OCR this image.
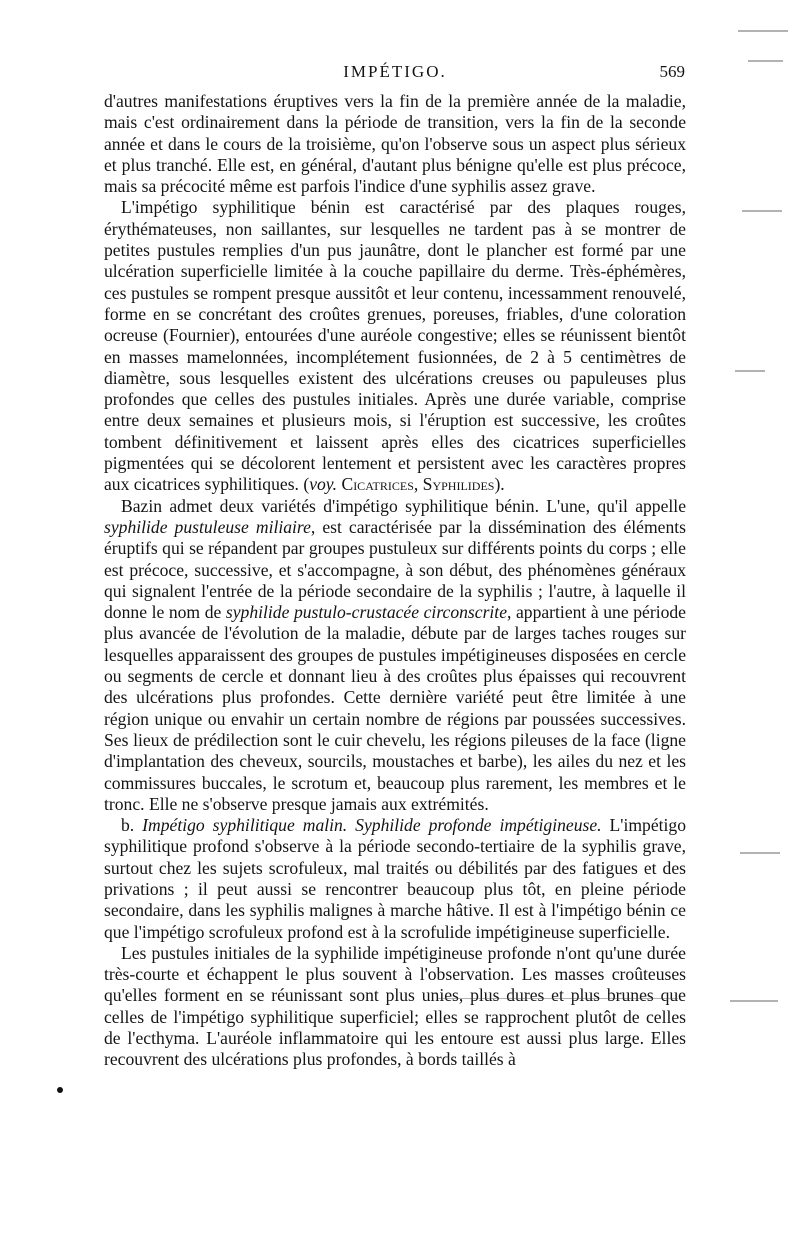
IMPÉTIGO.	569

d'autres manifestations éruptives vers la fin de la première année de la maladie, mais c'est ordinairement dans la période de transition, vers la fin de la seconde année et dans le cours de la troisième, qu'on l'observe sous un aspect plus sérieux et plus tranché. Elle est, en général, d'autant plus bénigne qu'elle est plus précoce, mais sa précocité même est parfois l'indice d'une syphilis assez grave.

L'impétigo syphilitique bénin est caractérisé par des plaques rouges, érythémateuses, non saillantes, sur lesquelles ne tardent pas à se montrer de petites pustules remplies d'un pus jaunâtre, dont le plancher est formé par une ulcération superficielle limitée à la couche papillaire du derme. Très-éphémères, ces pustules se rompent presque aussitôt et leur contenu, incessamment renouvelé, forme en se concrétant des croûtes grenues, poreuses, friables, d'une coloration ocreuse (Fournier), entourées d'une auréole congestive; elles se réunissent bientôt en masses mamelonnées, incomplétement fusionnées, de 2 à 5 centimètres de diamètre, sous lesquelles existent des ulcérations creuses ou papuleuses plus profondes que celles des pustules initiales. Après une durée variable, comprise entre deux semaines et plusieurs mois, si l'éruption est successive, les croûtes tombent définitivement et laissent après elles des cicatrices superficielles pigmentées qui se décolorent lentement et persistent avec les caractères propres aux cicatrices syphilitiques. (voy. Cicatrices, Syphilides).

Bazin admet deux variétés d'impétigo syphilitique bénin. L'une, qu'il appelle syphilide pustuleuse miliaire, est caractérisée par la dissémination des éléments éruptifs qui se répandent par groupes pustuleux sur différents points du corps ; elle est précoce, successive, et s'accompagne, à son début, des phénomènes généraux qui signalent l'entrée de la période secondaire de la syphilis ; l'autre, à laquelle il donne le nom de syphilide pustulo-crustacée circonscrite, appartient à une période plus avancée de l'évolution de la maladie, débute par de larges taches rouges sur lesquelles apparaissent des groupes de pustules impétigineuses disposées en cercle ou segments de cercle et donnant lieu à des croûtes plus épaisses qui recouvrent des ulcérations plus profondes. Cette dernière variété peut être limitée à une région unique ou envahir un certain nombre de régions par poussées successives. Ses lieux de prédilection sont le cuir chevelu, les régions pileuses de la face (ligne d'implantation des cheveux, sourcils, moustaches et barbe), les ailes du nez et les commissures buccales, le scrotum et, beaucoup plus rarement, les membres et le tronc. Elle ne s'observe presque jamais aux extrémités.

b. Impétigo syphilitique malin. Syphilide profonde impétigineuse. L'impétigo syphilitique profond s'observe à la période secondo-tertiaire de la syphilis grave, surtout chez les sujets scrofuleux, mal traités ou débilités par des fatigues et des privations ; il peut aussi se rencontrer beaucoup plus tôt, en pleine période secondaire, dans les syphilis malignes à marche hâtive. Il est à l'impétigo bénin ce que l'impétigo scrofuleux profond est à la scrofulide impétigineuse superficielle.

Les pustules initiales de la syphilide impétigineuse profonde n'ont qu'une durée très-courte et échappent le plus souvent à l'observation. Les masses croûteuses qu'elles forment en se réunissant sont plus unies, plus dures et plus brunes que celles de l'impétigo syphilitique superficiel; elles se rapprochent plutôt de celles de l'ecthyma. L'auréole inflammatoire qui les entoure est aussi plus large. Elles recouvrent des ulcérations plus profondes, à bords taillés à
